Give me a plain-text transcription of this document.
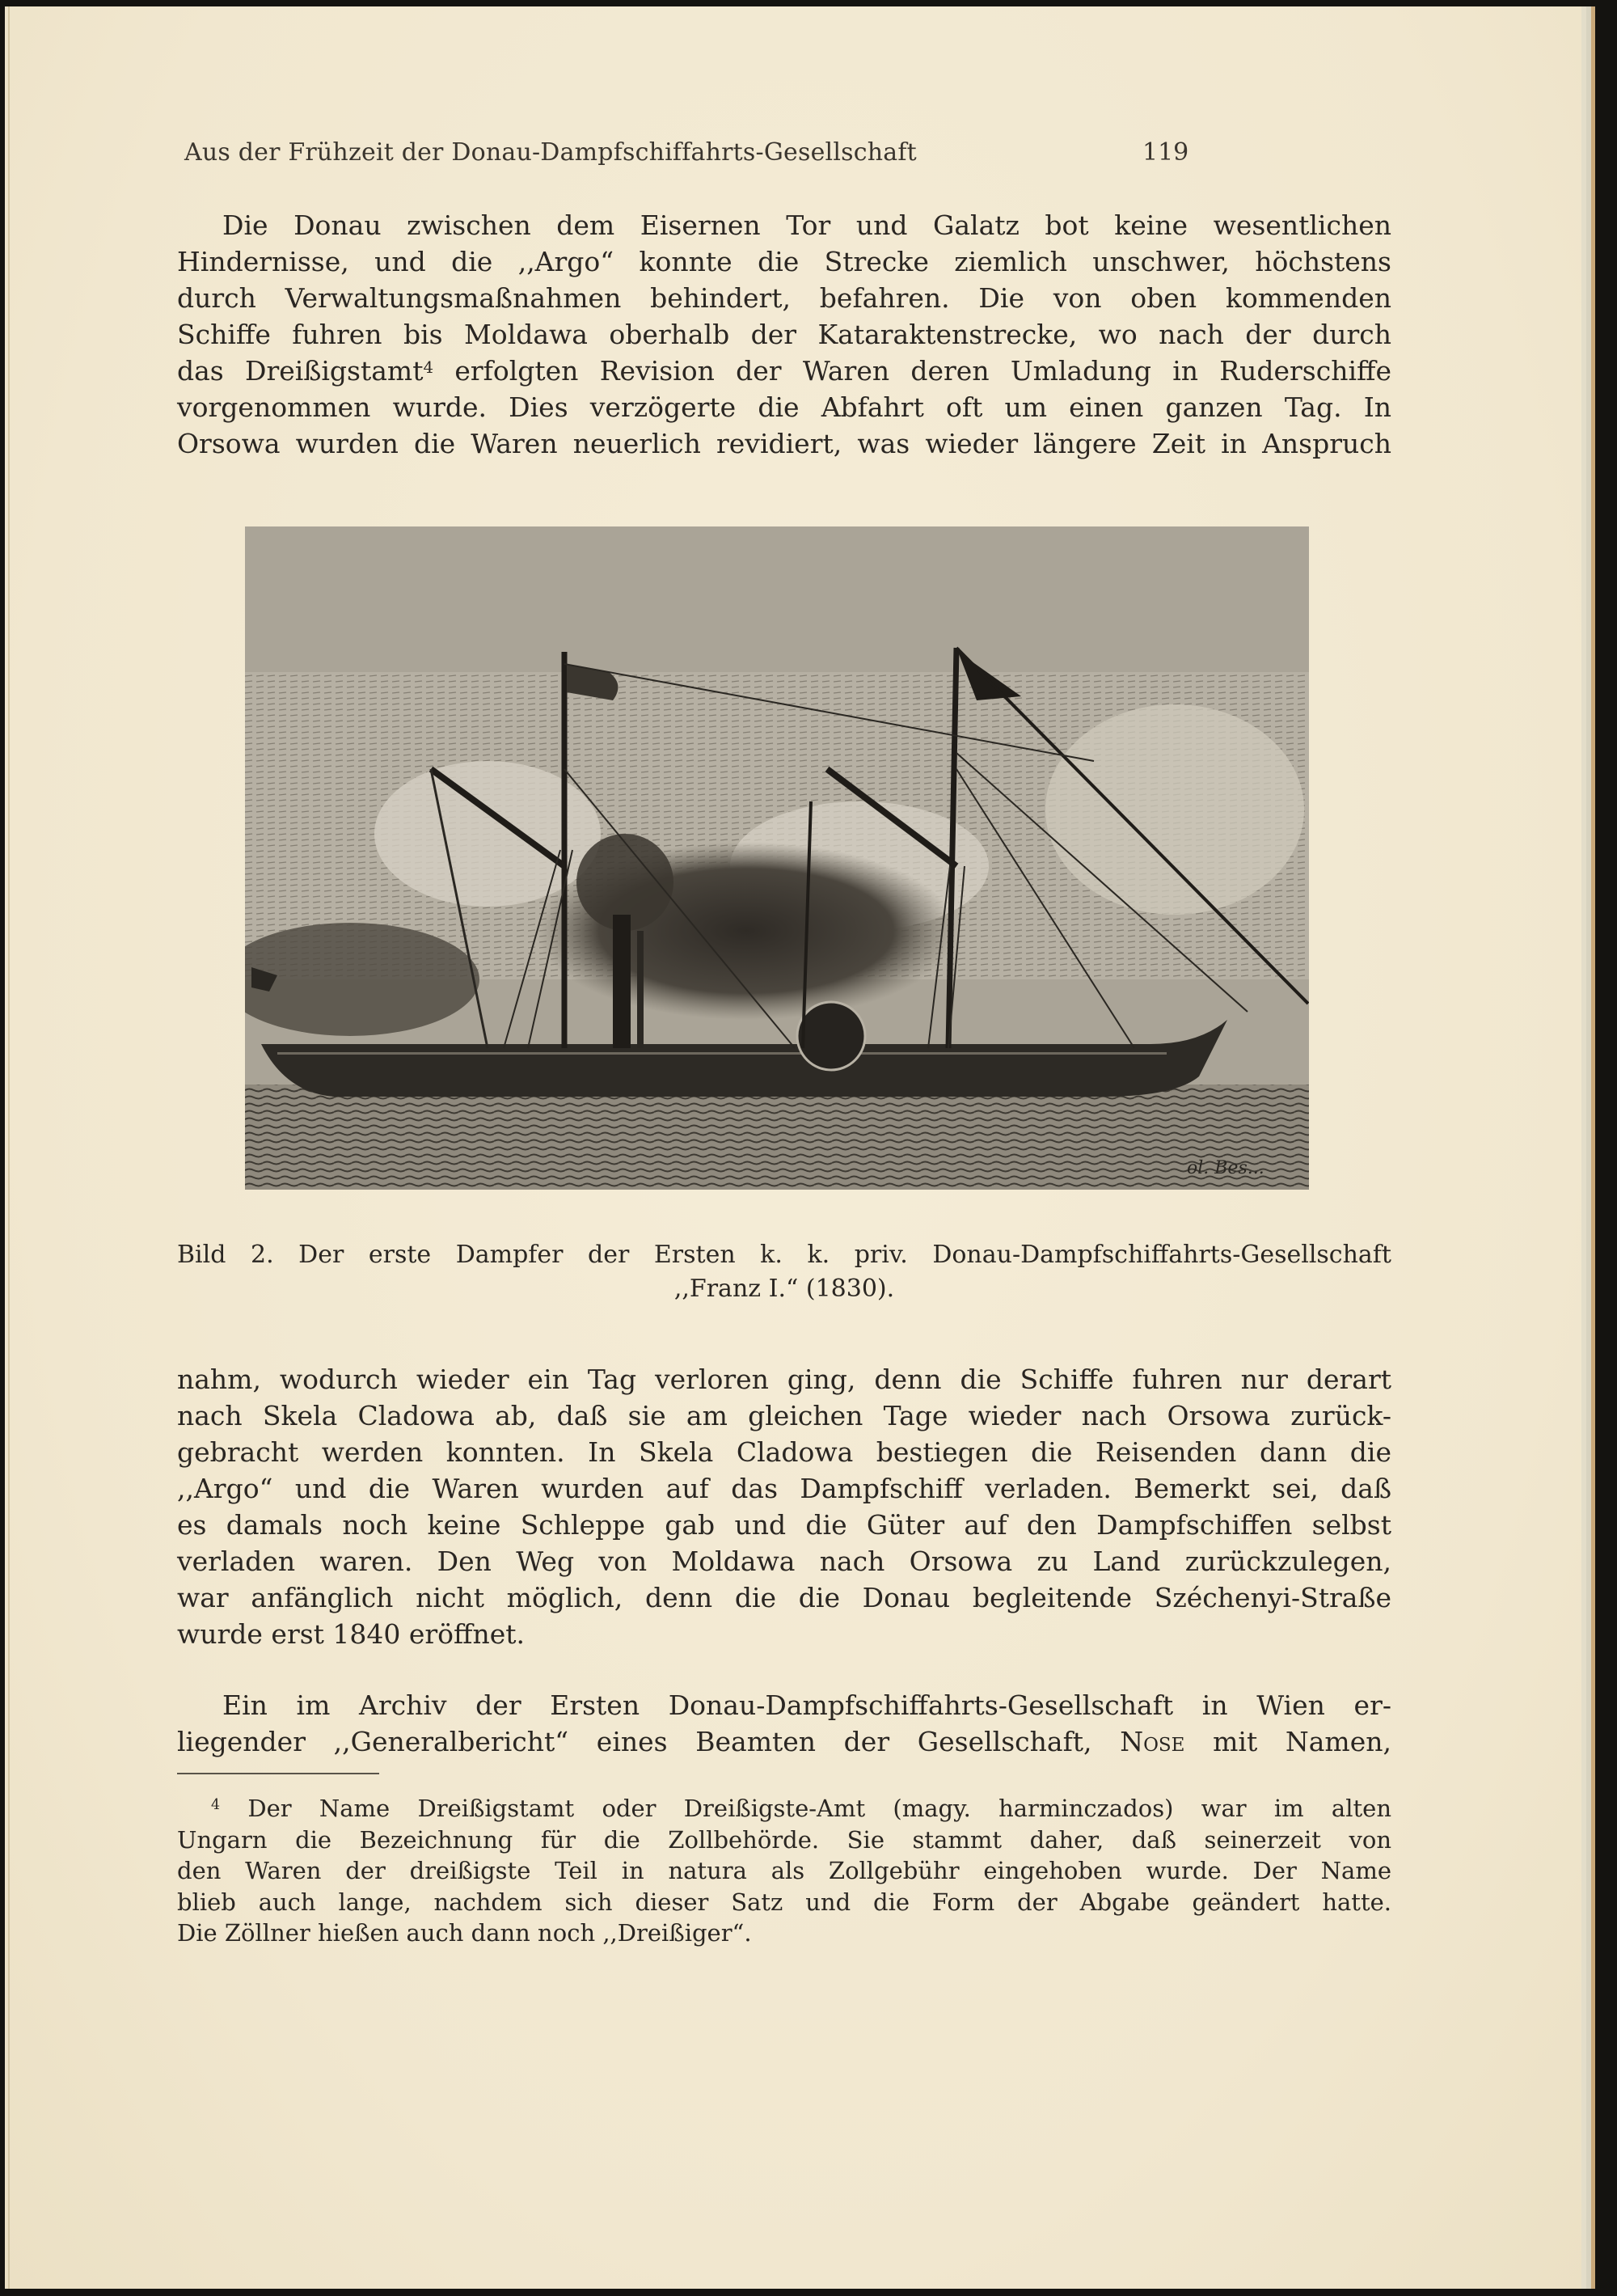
Aus der Frühzeit der Donau-Dampfschiffahrts-Gesellschaft	119
Die Donau zwischen dem Eisernen Tor und Galatz bot keine wesentlichen
Hindernisse, und die ,,Argo“ konnte die Strecke ziemlich unschwer, höchstens
durch Verwaltungsmaßnahmen behindert, befahren. Die von oben kommenden
Schiffe fuhren bis Moldawa oberhalb der Kataraktenstrecke, wo nach der durch
das Dreißigstamt$^4$ erfolgten Revision der Waren deren Umladung in Ruderschiffe
vorgenommen wurde. Dies verzögerte die Abfahrt oft um einen ganzen Tag. In
Orsowa wurden die Waren neuerlich revidiert, was wieder längere Zeit in Anspruch
nahm, wodurch wieder ein Tag verloren ging, denn die Schiffe fuhren nur derart
nach Skela Cladowa ab, daß sie am gleichen Tage wieder nach Orsowa zurück-
gebracht werden konnten. In Skela Cladowa bestiegen die Reisenden dann die
,,Argo“ und die Waren wurden auf das Dampfschiff verladen. Bemerkt sei, daß
es damals noch keine Schleppe gab und die Güter auf den Dampfschiffen selbst
verladen waren. Den Weg von Moldawa nach Orsowa zu Land zurückzulegen,
war anfänglich nicht möglich, denn die die Donau begleitende Széchenyi-Straße
wurde erst 1840 eröffnet.
Ein im Archiv der Ersten Donau-Dampfschiffahrts-Gesellschaft in Wien er-
liegender ,,Generalbericht“ eines Beamten der Gesellschaft, Nose mit Namen,
ol. Bes...
Bild 2. Der erste Dampfer der Ersten k. k. priv. Donau-Dampfschiffahrts-Gesellschaft
,,Franz I.“ (1830).
$^4$ Der Name Dreißigstamt oder Dreißigste-Amt (magy. harminczados) war im alten
Ungarn die Bezeichnung für die Zollbehörde. Sie stammt daher, daß seinerzeit von
den Waren der dreißigste Teil in natura als Zollgebühr eingehoben wurde. Der Name
blieb auch lange, nachdem sich dieser Satz und die Form der Abgabe geändert hatte.
Die Zöllner hießen auch dann noch ,,Dreißiger“.
